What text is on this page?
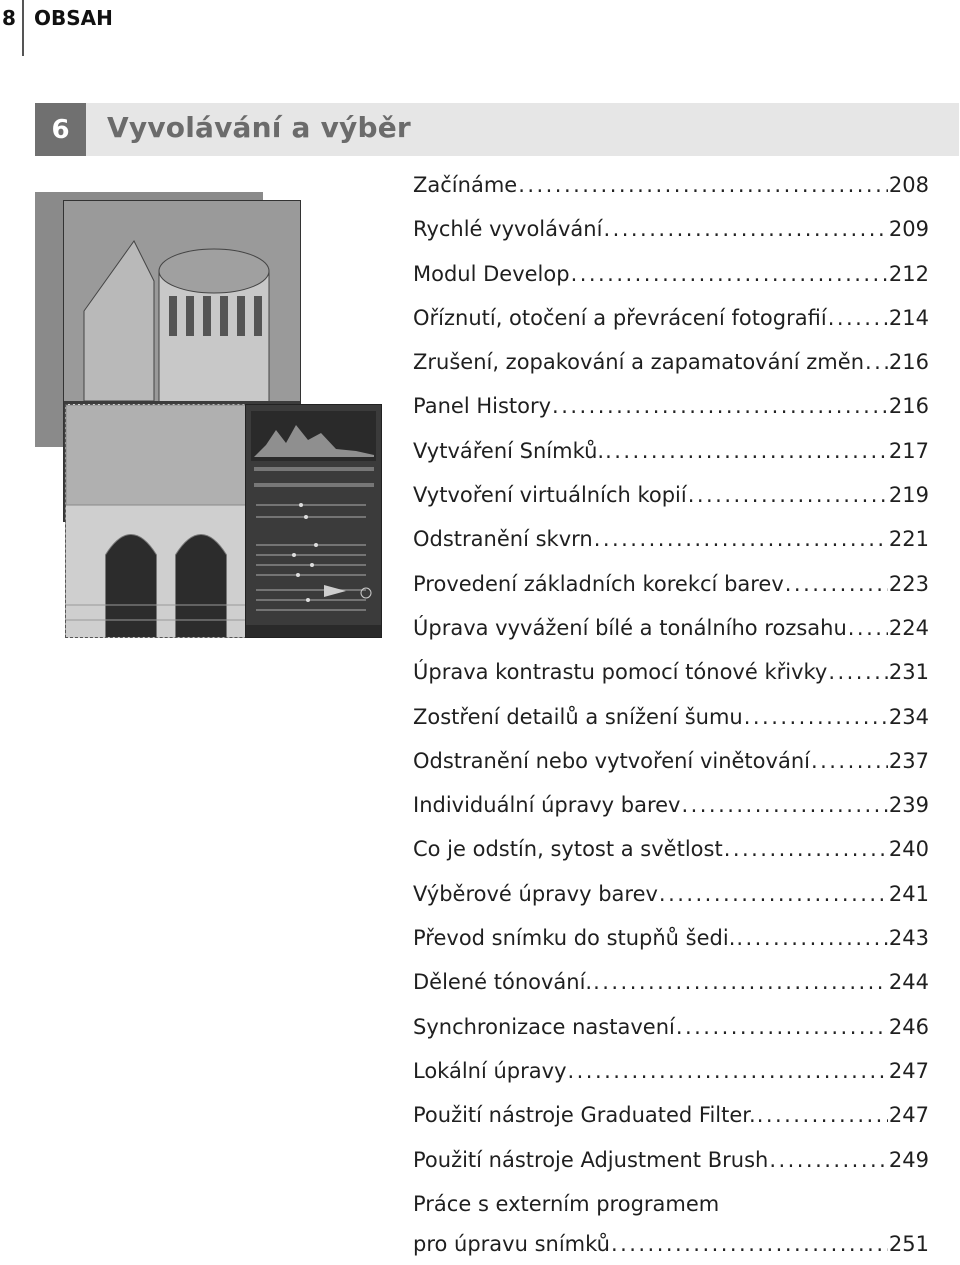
8 OBSAH
6	Vyvolávání a výběr
Začínáme . . .	208
Rychlé vyvolávání . . .	209
Modul Develop . . .	212
Oříznutí, otočení a převrácení fotografií . . .	214
Zrušení, zopakování a zapamatování změn . . . 216
Panel History . . .	216
Vytváření Snímků. . . .	217
Vytvoření virtuálních kopií . . .	219
Odstranění skvrn . . .	221
Provedení základních korekcí barev . . .	223
Úprava vyvážení bílé a tonálního rozsahu . . . 224
Úprava kontrastu pomocí tónové křivky . . .	231
Zostření detailů a snížení šumu . . .	234
Odstranění nebo vytvoření vinětování . . .	237
Individuální úpravy barev . . .	239
Co je odstín, sytost a světlost . . .	240
Výběrové úpravy barev . . .	241
Převod snímku do stupňů šedi. . . .	243
Dělené tónování. . . .	244
Synchronizace nastavení . . .	246
Lokální úpravy . . .	247
Použití nástroje Graduated Filter. . . .	247
Použití nástroje Adjustment Brush . . .	249
Práce s externím programem
pro úpravu snímků . . .	251
